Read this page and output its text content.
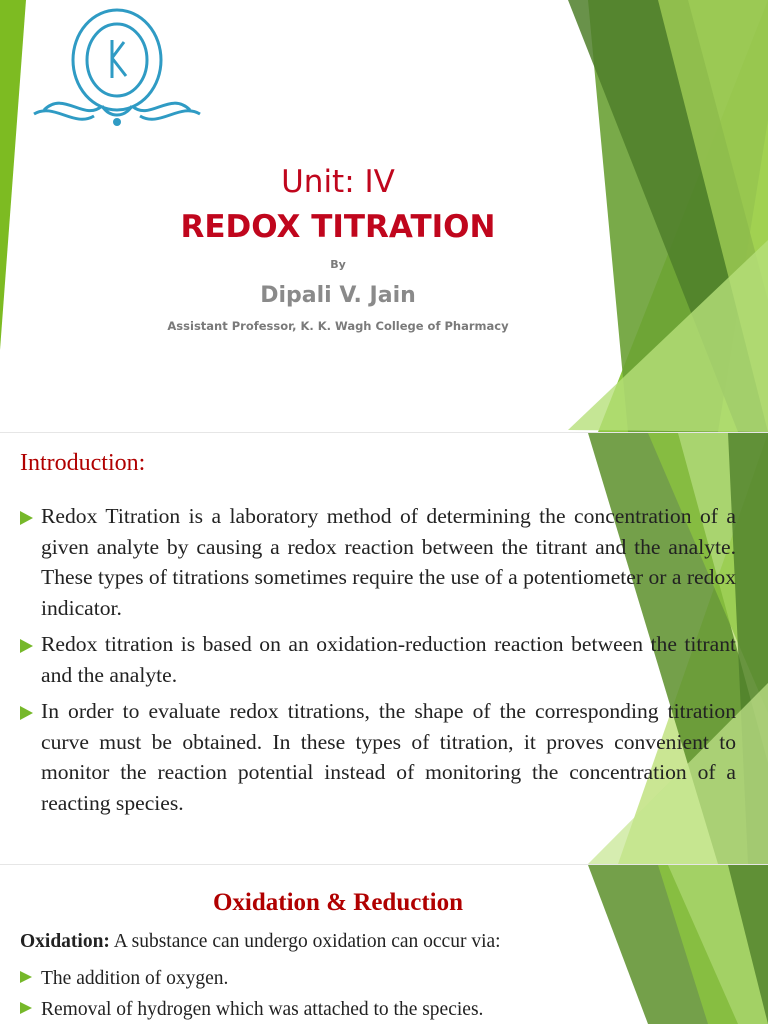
Unit: IV
REDOX TITRATION
By
Dipali V. Jain
Assistant Professor, K. K. Wagh College of Pharmacy
Introduction:
Redox Titration is a laboratory method of determining the concentration of a given analyte by causing a redox reaction between the titrant and the analyte. These types of titrations sometimes require the use of a potentiometer or a redox indicator.
Redox titration is based on an oxidation-reduction reaction between the titrant and the analyte.
In order to evaluate redox titrations, the shape of the corresponding titration curve must be obtained. In these types of titration, it proves convenient to monitor the reaction potential instead of monitoring the concentration of a reacting species.
Oxidation & Reduction
Oxidation: A substance can undergo oxidation can occur via:
The addition of oxygen.
Removal of hydrogen which was attached to the species.
